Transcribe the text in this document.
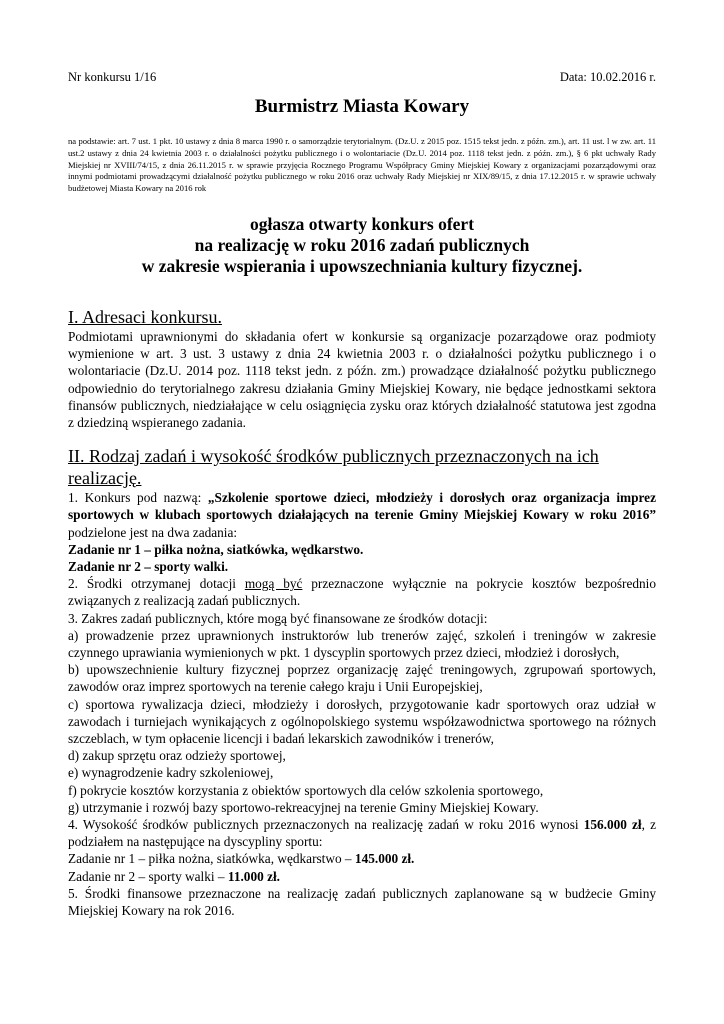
Nr konkursu 1/16	Data: 10.02.2016 r.
Burmistrz Miasta Kowary
na podstawie: art. 7 ust. 1 pkt. 10 ustawy z dnia 8 marca 1990 r. o samorządzie terytorialnym. (Dz.U. z 2015 poz. 1515 tekst jedn. z późn. zm.), art. 11 ust. l w zw. art. 11 ust.2 ustawy z dnia 24 kwietnia 2003 r. o działalności pożytku publicznego i o wolontariacie (Dz.U. 2014 poz. 1118 tekst jedn. z późn. zm.), § 6 pkt uchwały Rady Miejskiej nr XVIII/74/15, z dnia 26.11.2015 r. w sprawie przyjęcia Rocznego Programu Współpracy Gminy Miejskiej Kowary z organizacjami pozarządowymi oraz innymi podmiotami prowadzącymi działalność pożytku publicznego w roku 2016 oraz uchwały Rady Miejskiej nr XIX/89/15, z dnia 17.12.2015 r. w sprawie uchwały budżetowej Miasta Kowary na 2016 rok
ogłasza otwarty konkurs ofert
na realizację w roku 2016 zadań publicznych
w zakresie wspierania i upowszechniania kultury fizycznej.
I. Adresaci konkursu.

Podmiotami uprawnionymi do składania ofert w konkursie są organizacje pozarządowe oraz podmioty wymienione w art. 3 ust. 3 ustawy z dnia 24 kwietnia 2003 r. o działalności pożytku publicznego i o wolontariacie (Dz.U. 2014 poz. 1118 tekst jedn. z późn. zm.) prowadzące działalność pożytku publicznego odpowiednio do terytorialnego zakresu działania Gminy Miejskiej Kowary, nie będące jednostkami sektora finansów publicznych, niedziałające w celu osiągnięcia zysku oraz których działalność statutowa jest zgodna z dziedziną wspieranego zadania.

II. Rodzaj zadań i wysokość środków publicznych przeznaczonych na ich realizację.

1. Konkurs pod nazwą: „Szkolenie sportowe dzieci, młodzieży i dorosłych oraz organizacja imprez sportowych w klubach sportowych działających na terenie Gminy Miejskiej Kowary w roku 2016” podzielone jest na dwa zadania:

Zadanie nr 1 – piłka nożna, siatkówka, wędkarstwo.
Zadanie nr 2 – sporty walki.

2. Środki otrzymanej dotacji mogą być przeznaczone wyłącznie na pokrycie kosztów bezpośrednio związanych z realizacją zadań publicznych.

3. Zakres zadań publicznych, które mogą być finansowane ze środków dotacji:

a) prowadzenie przez uprawnionych instruktorów lub trenerów zajęć, szkoleń i treningów w zakresie czynnego uprawiania wymienionych w pkt. 1 dyscyplin sportowych przez dzieci, młodzież i dorosłych,

b) upowszechnienie kultury fizycznej poprzez organizację zajęć treningowych, zgrupowań sportowych, zawodów oraz imprez sportowych na terenie całego kraju i Unii Europejskiej,

c) sportowa rywalizacja dzieci, młodzieży i dorosłych, przygotowanie kadr sportowych oraz udział w zawodach i turniejach wynikających z ogólnopolskiego systemu współzawodnictwa sportowego na różnych szczeblach, w tym opłacenie licencji i badań lekarskich zawodników i trenerów,

d) zakup sprzętu oraz odzieży sportowej,
e) wynagrodzenie kadry szkoleniowej,
f) pokrycie kosztów korzystania z obiektów sportowych dla celów szkolenia sportowego,
g) utrzymanie i rozwój bazy sportowo-rekreacyjnej na terenie Gminy Miejskiej Kowary.

4. Wysokość środków publicznych przeznaczonych na realizację zadań w roku 2016 wynosi 156.000 zł, z podziałem na następujące na dyscypliny sportu:

Zadanie nr 1 – piłka nożna, siatkówka, wędkarstwo – 145.000 zł.
Zadanie nr 2 – sporty walki – 11.000 zł.

5. Środki finansowe przeznaczone na realizację zadań publicznych zaplanowane są w budżecie Gminy Miejskiej Kowary na rok 2016.
